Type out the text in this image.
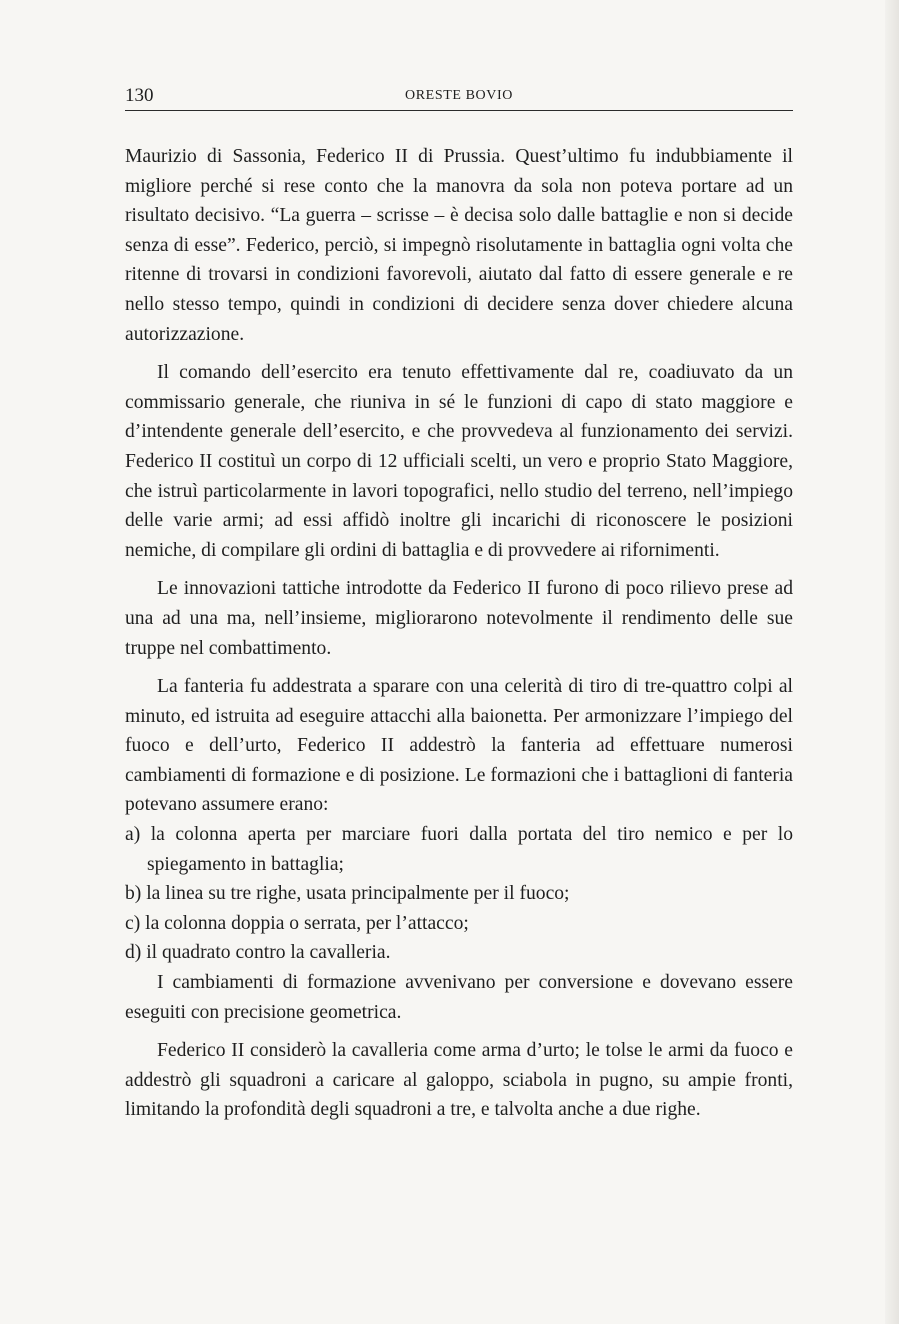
130	ORESTE BOVIO

Maurizio di Sassonia, Federico II di Prussia. Quest’ultimo fu indubbiamente il migliore perché si rese conto che la manovra da sola non poteva portare ad un risultato decisivo. “La guerra – scrisse – è decisa solo dalle battaglie e non si decide senza di esse”. Federico, perciò, si impegnò risolutamente in battaglia ogni volta che ritenne di trovarsi in condizioni favorevoli, aiutato dal fatto di essere generale e re nello stesso tempo, quindi in condizioni di decidere senza dover chiedere alcuna autorizzazione.

Il comando dell’esercito era tenuto effettivamente dal re, coadiuvato da un commissario generale, che riuniva in sé le funzioni di capo di stato maggiore e d’intendente generale dell’esercito, e che provvedeva al funzionamento dei servizi. Federico II costituì un corpo di 12 ufficiali scelti, un vero e proprio Stato Maggiore, che istruì particolarmente in lavori topografici, nello studio del terreno, nell’impiego delle varie armi; ad essi affidò inoltre gli incarichi di riconoscere le posizioni nemiche, di compilare gli ordini di battaglia e di provvedere ai rifornimenti.

Le innovazioni tattiche introdotte da Federico II furono di poco rilievo prese ad una ad una ma, nell’insieme, migliorarono notevolmente il rendimento delle sue truppe nel combattimento.

La fanteria fu addestrata a sparare con una celerità di tiro di tre-quattro colpi al minuto, ed istruita ad eseguire attacchi alla baionetta. Per armonizzare l’impiego del fuoco e dell’urto, Federico II addestrò la fanteria ad effettuare numerosi cambiamenti di formazione e di posizione. Le formazioni che i battaglioni di fanteria potevano assumere erano:

a) la colonna aperta per marciare fuori dalla portata del tiro nemico e per lo spiegamento in battaglia;
b) la linea su tre righe, usata principalmente per il fuoco;
c) la colonna doppia o serrata, per l’attacco;
d) il quadrato contro la cavalleria.

I cambiamenti di formazione avvenivano per conversione e dovevano essere eseguiti con precisione geometrica.

Federico II considerò la cavalleria come arma d’urto; le tolse le armi da fuoco e addestrò gli squadroni a caricare al galoppo, sciabola in pugno, su ampie fronti, limitando la profondità degli squadroni a tre, e talvolta anche a due righe.
